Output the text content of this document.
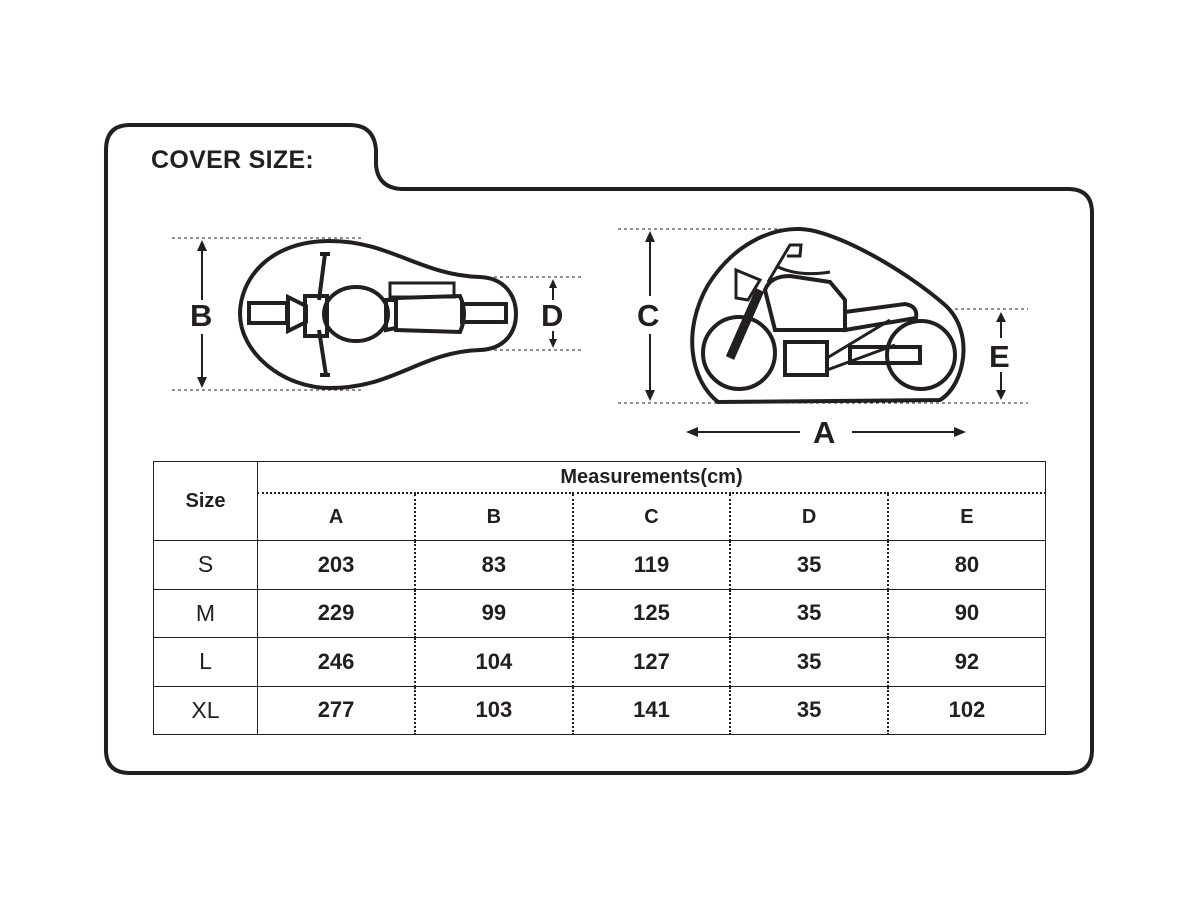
COVER SIZE:
B	D C
E
A
Size	Measurements(cm)				
	A	B	C	D	E
S	203	83	119	35	80
M	229	99	125	35	90
L	246	104	127	35	92
XL	277	103	141	35	102
